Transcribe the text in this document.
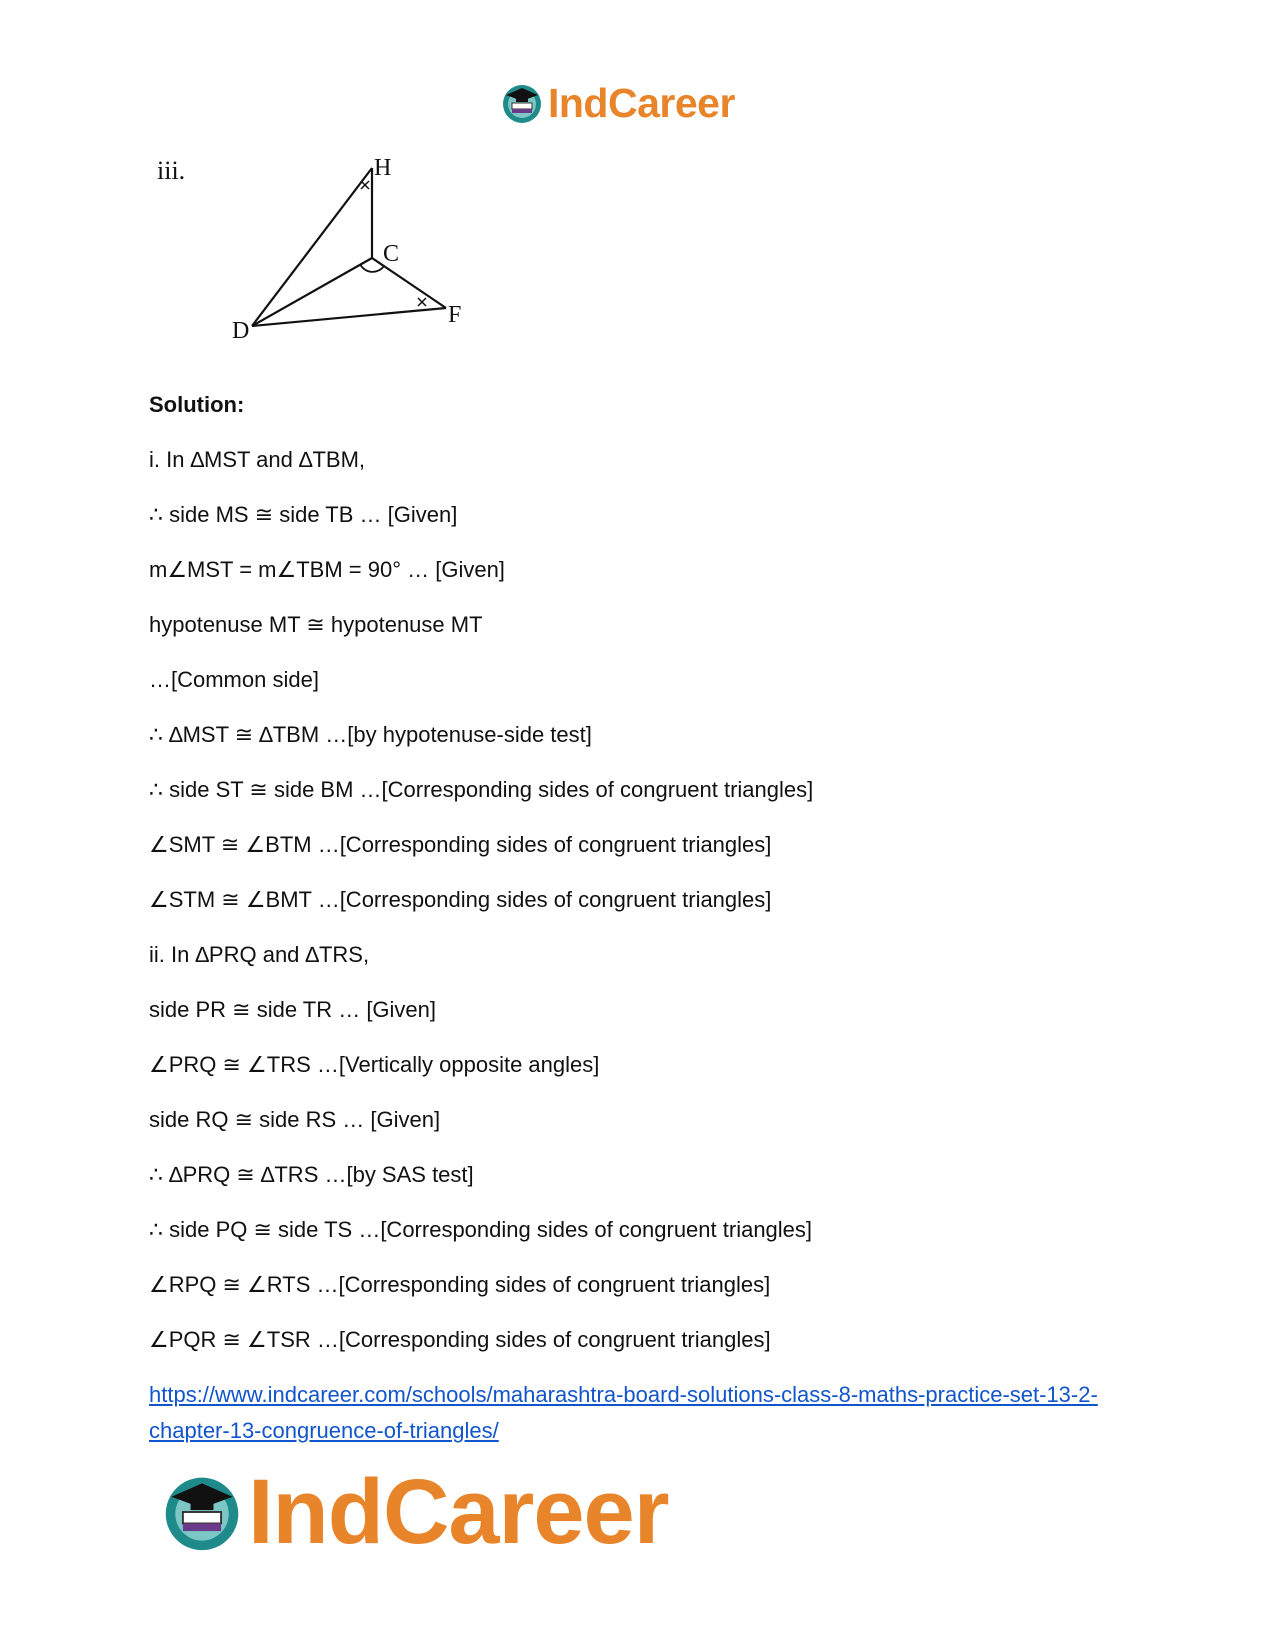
IndCareer
iii.	H
C
D
F
Solution:
i. In ∆MST and ∆TBM,
∴ side MS ≅ side TB … [Given]
m∠MST = m∠TBM = 90° … [Given]
hypotenuse MT ≅ hypotenuse MT
…[Common side]
∴ ∆MST ≅ ∆TBM …[by hypotenuse-side test]
∴ side ST ≅ side BM …[Corresponding sides of congruent triangles]
∠SMT ≅ ∠BTM …[Corresponding sides of congruent triangles]
∠STM ≅ ∠BMT …[Corresponding sides of congruent triangles]
ii. In ∆PRQ and ∆TRS,
side PR ≅ side TR … [Given]
∠PRQ ≅ ∠TRS …[Vertically opposite angles]
side RQ ≅ side RS … [Given]
∴ ∆PRQ ≅ ∆TRS …[by SAS test]
∴ side PQ ≅ side TS …[Corresponding sides of congruent triangles]
∠RPQ ≅ ∠RTS …[Corresponding sides of congruent triangles]
∠PQR ≅ ∠TSR …[Corresponding sides of congruent triangles]
https://www.indcareer.com/schools/maharashtra-board-solutions-class-8-maths-practice-set-13-2-chapter-13-congruence-of-triangles/
IndCareer
